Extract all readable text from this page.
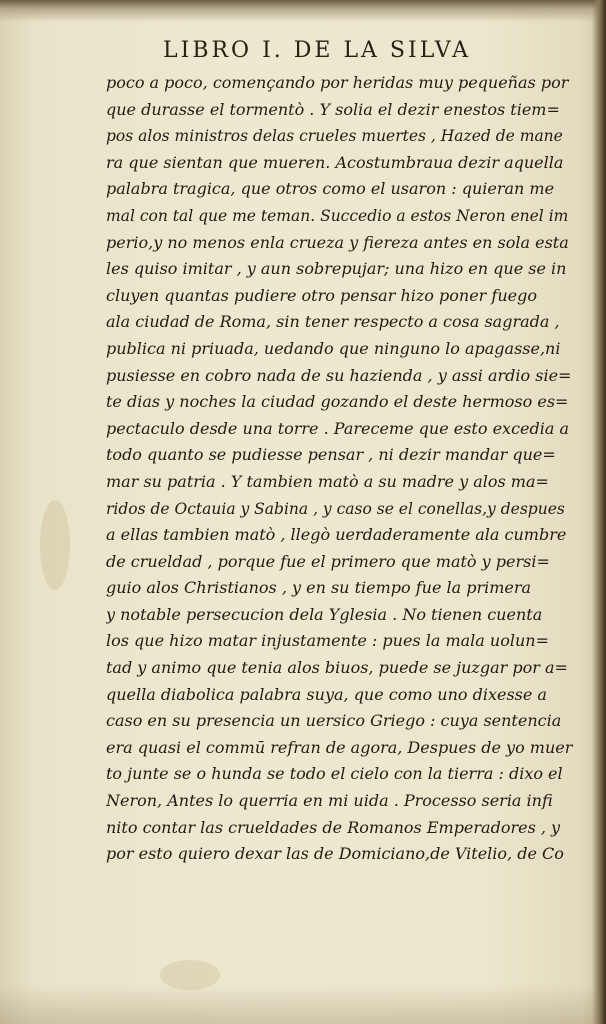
LIBRO I. DE LA SILVA
poco a poco, començando por heridas muy pequeñas por
que durasse el tormentò . Y solia el dezir enestos tiem=
pos alos ministros delas crueles muertes , Hazed de mane
ra que sientan que mueren. Acostumbraua dezir aquella
palabra tragica, que otros como el usaron : quieran me
mal con tal que me teman. Succedio a estos Neron enel im
perio,y no menos enla crueza y fiereza antes en sola esta
les quiso imitar , y aun sobrepujar; una hizo en que se in
cluyen quantas pudiere otro pensar hizo poner fuego
ala ciudad de Roma, sin tener respecto a cosa sagrada ,
publica ni priuada, uedando que ninguno lo apagasse,ni
pusiesse en cobro nada de su hazienda , y assi ardio sie=
te dias y noches la ciudad gozando el deste hermoso es=
pectaculo desde una torre . Pareceme que esto excedia a
todo quanto se pudiesse pensar , ni dezir mandar que=
mar su patria . Y tambien matò a su madre y alos ma=
ridos de Octauia y Sabina , y caso se el conellas,y despues
a ellas tambien matò , llegò uerdaderamente ala cumbre
de crueldad , porque fue el primero que matò y persi=
guio alos Christianos , y en su tiempo fue la primera
y notable persecucion dela Yglesia . No tienen cuenta
los que hizo matar injustamente : pues la mala uolun=
tad y animo que tenia alos biuos, puede se juzgar por a=
quella diabolica palabra suya, que como uno dixesse a
caso en su presencia un uersico Griego : cuya sentencia
era quasi el commū refran de agora, Despues de yo muer
to junte se o hunda se todo el cielo con la tierra : dixo el
Neron, Antes lo querria en mi uida . Processo seria infi
nito contar las crueldades de Romanos Emperadores , y
por esto quiero dexar las de Domiciano,de Vitelio, de Co
